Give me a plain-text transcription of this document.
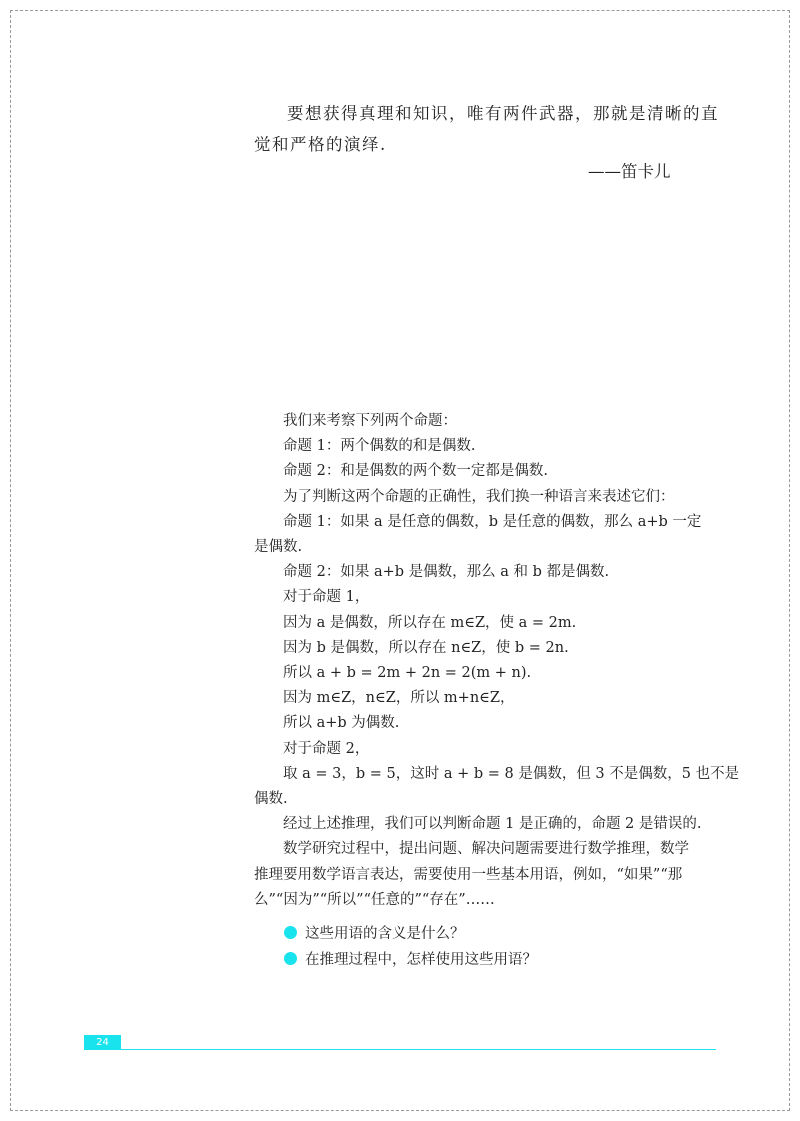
要想获得真理和知识，唯有两件武器，那就是清晰的直觉和严格的演绎.

——笛卡儿

我们来考察下列两个命题：

命题 1：两个偶数的和是偶数.

命题 2：和是偶数的两个数一定都是偶数.

为了判断这两个命题的正确性，我们换一种语言来表述它们：

命题 1：如果 a 是任意的偶数，b 是任意的偶数，那么 a+b 一定

是偶数.

命题 2：如果 a+b 是偶数，那么 a 和 b 都是偶数.

对于命题 1，

因为 a 是偶数，所以存在 m∈Z，使 a = 2m.

因为 b 是偶数，所以存在 n∈Z，使 b = 2n.

所以 a + b = 2m + 2n = 2(m + n).

因为 m∈Z，n∈Z，所以 m+n∈Z，

所以 a+b 为偶数.

对于命题 2，

取 a = 3，b = 5，这时 a + b = 8 是偶数，但 3 不是偶数，5 也不是

偶数.

经过上述推理，我们可以判断命题 1 是正确的，命题 2 是错误的.

数学研究过程中，提出问题、解决问题需要进行数学推理，数学

推理要用数学语言表达，需要使用一些基本用语，例如，“如果”“那

么”“因为”“所以”“任意的”“存在”……

这些用语的含义是什么？
在推理过程中，怎样使用这些用语？
24
